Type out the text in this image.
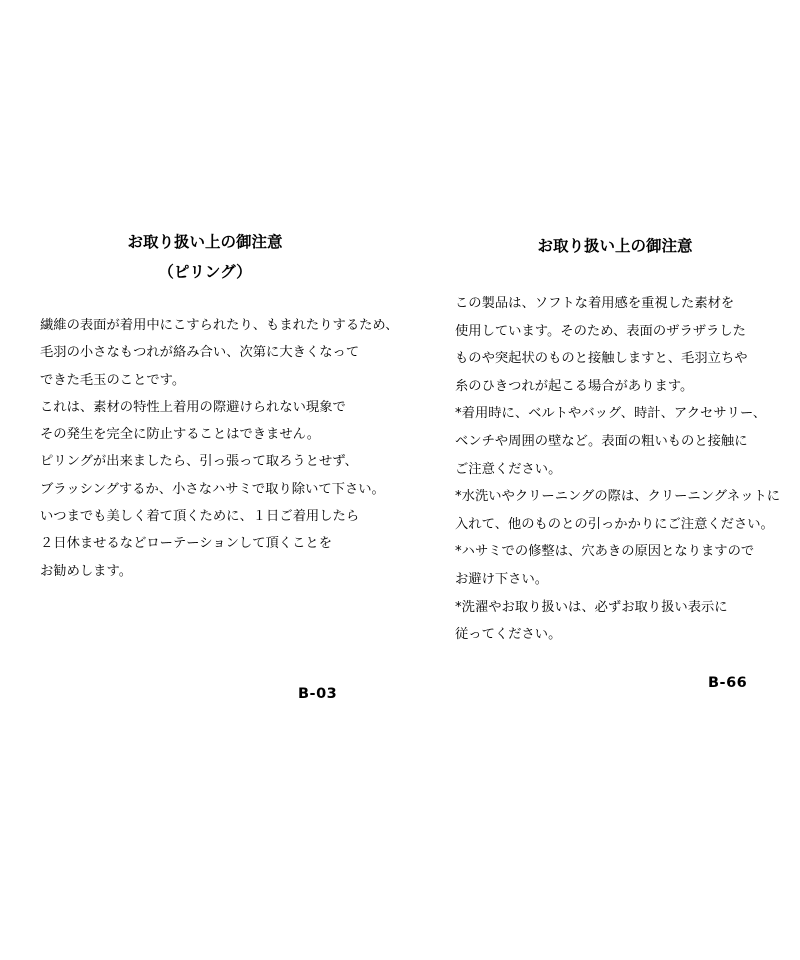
お取り扱い上の御注意
（ピリング）
繊維の表面が着用中にこすられたり、もまれたりするため、
毛羽の小さなもつれが絡み合い、次第に大きくなって
できた毛玉のことです。
これは、素材の特性上着用の際避けられない現象で
その発生を完全に防止することはできません。
ピリングが出来ましたら、引っ張って取ろうとせず、
ブラッシングするか、小さなハサミで取り除いて下さい。
いつまでも美しく着て頂くために、１日ご着用したら
２日休ませるなどローテーションして頂くことを
お勧めします。
B-03
お取り扱い上の御注意
この製品は、ソフトな着用感を重視した素材を
使用しています。そのため、表面のザラザラした
ものや突起状のものと接触しますと、毛羽立ちや
糸のひきつれが起こる場合があります。
*着用時に、ベルトやバッグ、時計、アクセサリー、
ベンチや周囲の壁など。表面の粗いものと接触に
ご注意ください。
*水洗いやクリーニングの際は、クリーニングネットに
入れて、他のものとの引っかかりにご注意ください。
*ハサミでの修整は、穴あきの原因となりますので
お避け下さい。
*洗濯やお取り扱いは、必ずお取り扱い表示に
従ってください。
B-66
